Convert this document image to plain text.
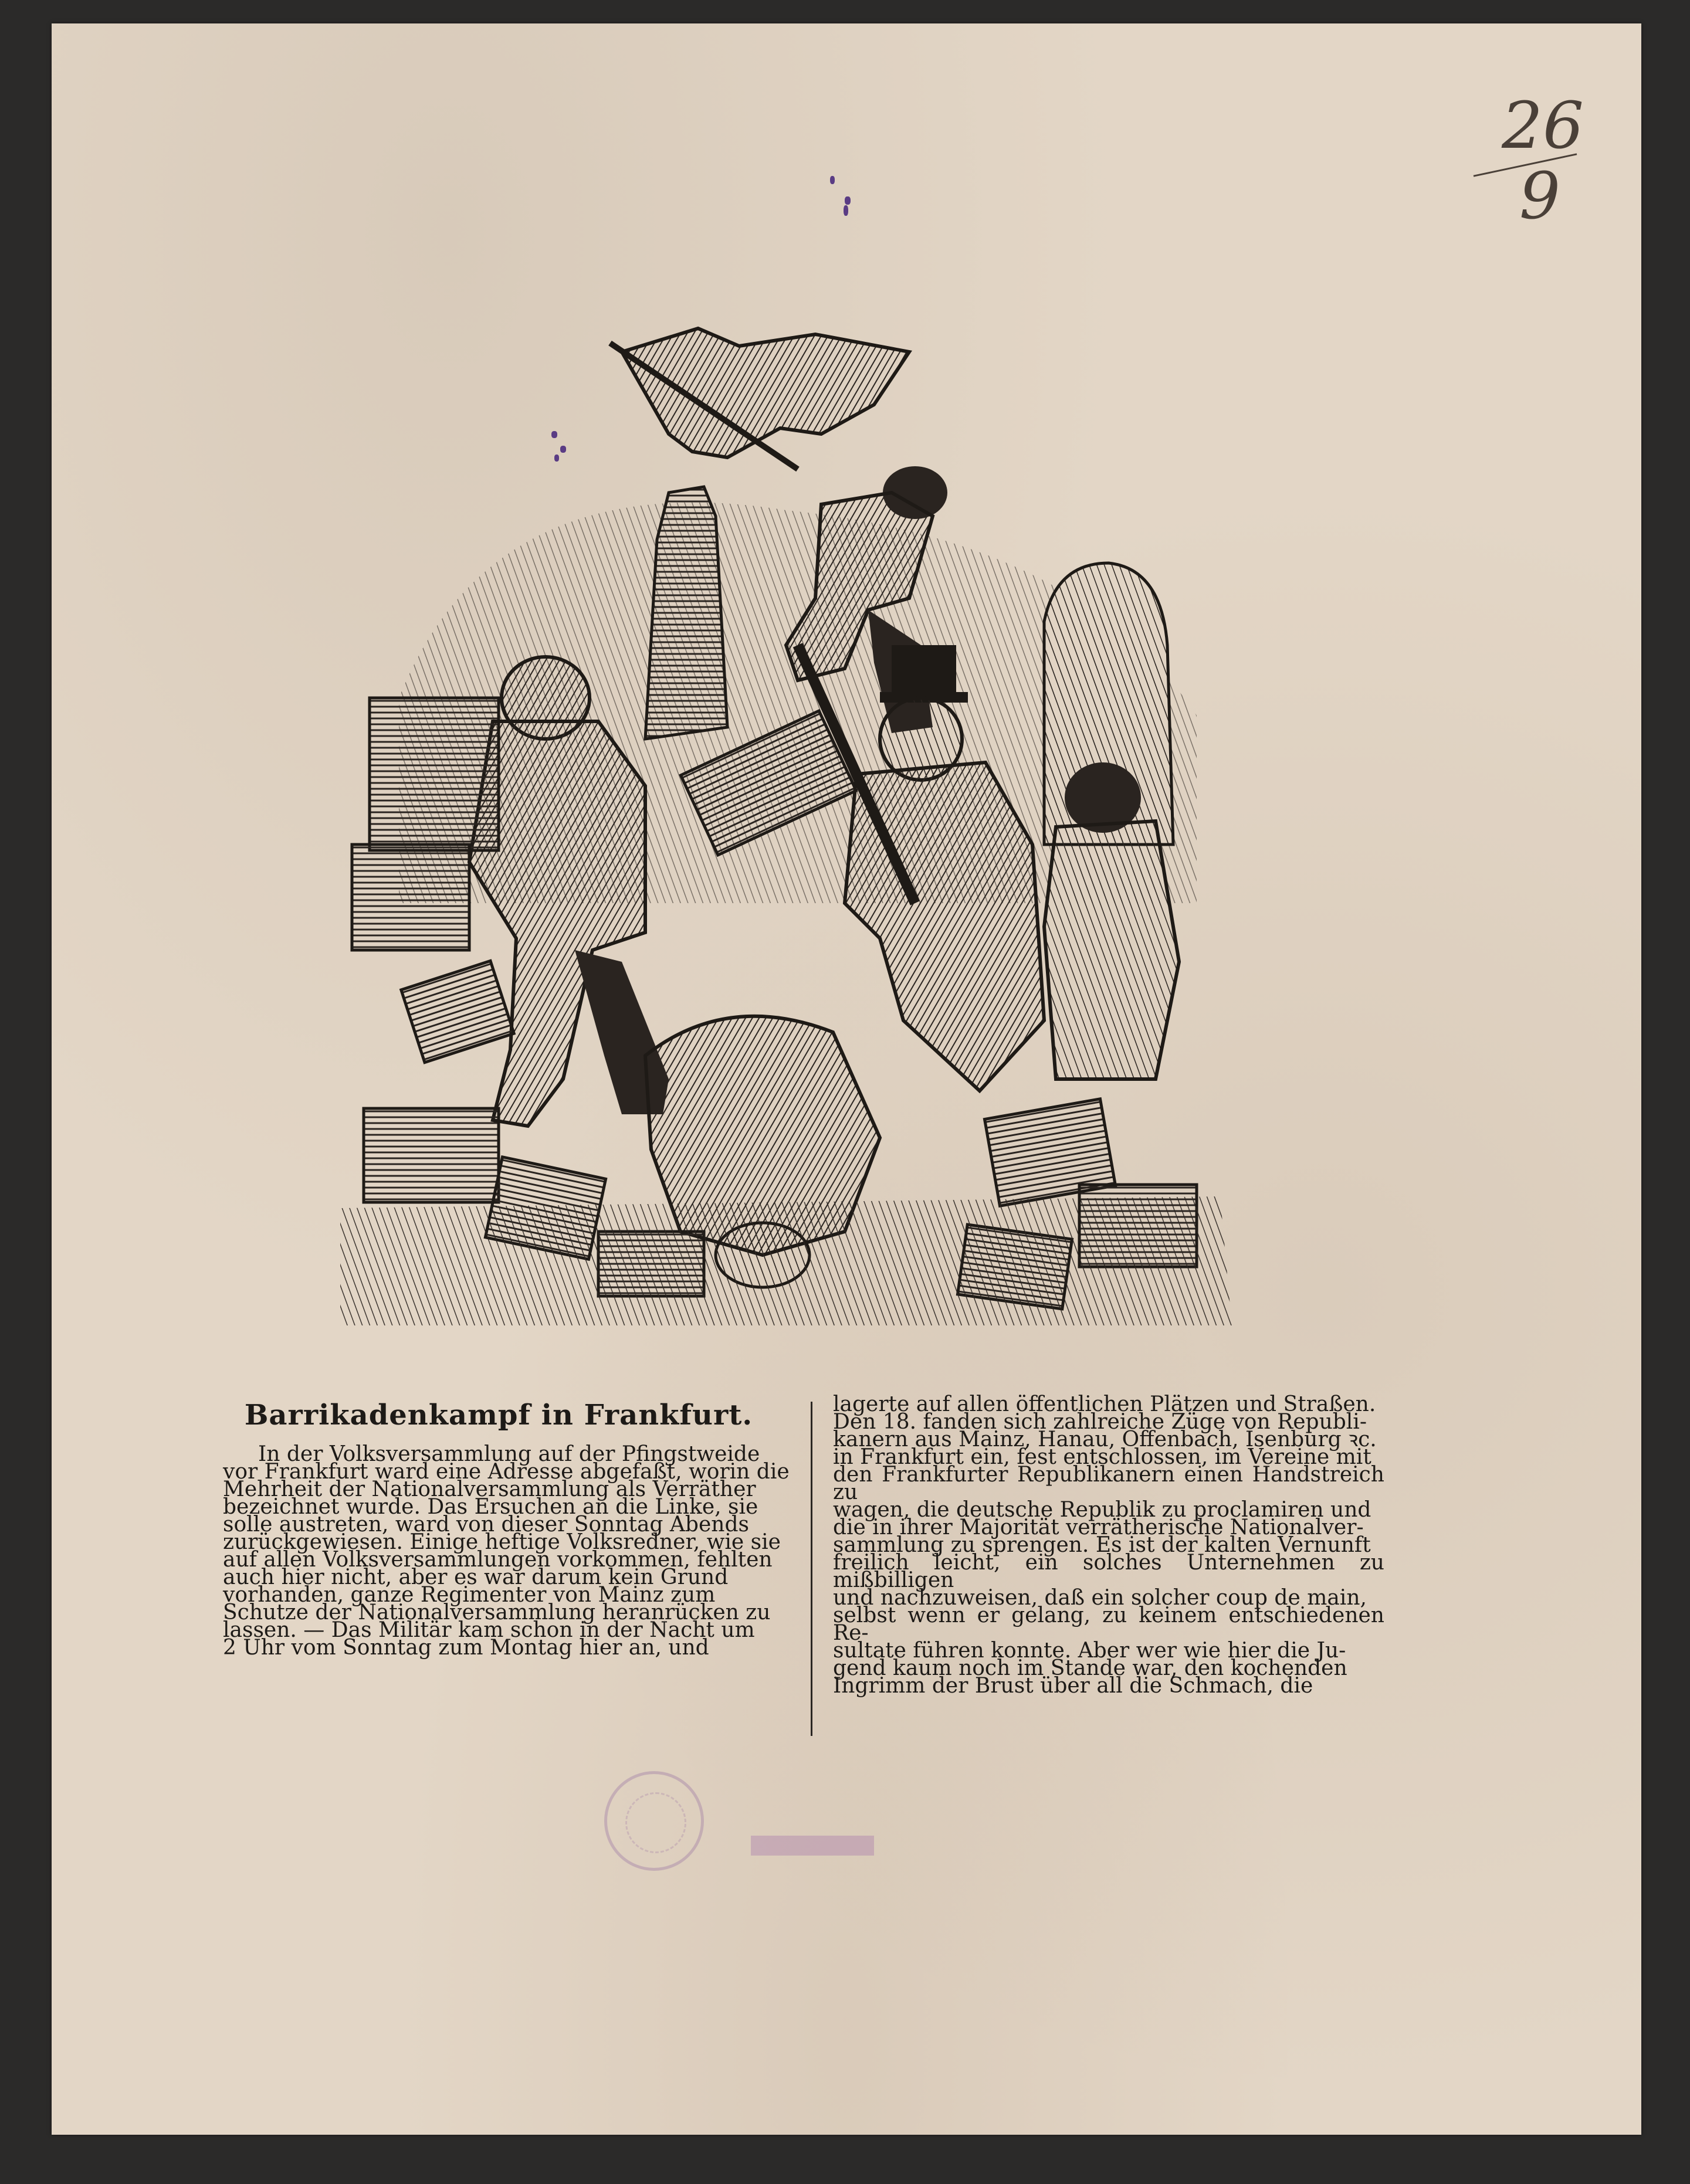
26
9
Barrikadenkampf in Frankfurt.
In der Volksversammlung auf der Pfingstweide
vor Frankfurt ward eine Adresse abgefaßt, worin die
Mehrheit der Nationalversammlung als Verräther
bezeichnet wurde. Das Ersuchen an die Linke, sie
solle austreten, ward von dieser Sonntag Abends
zurückgewiesen. Einige heftige Volksredner, wie sie
auf allen Volksversammlungen vorkommen, fehlten
auch hier nicht, aber es war darum kein Grund
vorhanden, ganze Regimenter von Mainz zum
Schutze der Nationalversammlung heranrücken zu
lassen. — Das Militär kam schon in der Nacht um
2 Uhr vom Sonntag zum Montag hier an, und
lagerte auf allen öffentlichen Plätzen und Straßen.
Den 18. fanden sich zahlreiche Züge von Republi-
kanern aus Mainz, Hanau, Offenbach, Isenburg ꝛc.
in Frankfurt ein, fest entschlossen, im Vereine mit
den Frankfurter Republikanern einen Handstreich zu
wagen, die deutsche Republik zu proclamiren und
die in ihrer Majorität verrätherische Nationalver-
sammlung zu sprengen. Es ist der kalten Vernunft
freilich leicht, ein solches Unternehmen zu mißbilligen
und nachzuweisen, daß ein solcher coup de main,
selbst wenn er gelang, zu keinem entschiedenen Re-
sultate führen konnte. Aber wer wie hier die Ju-
gend kaum noch im Stande war, den kochenden
Ingrimm der Brust über all die Schmach, die
